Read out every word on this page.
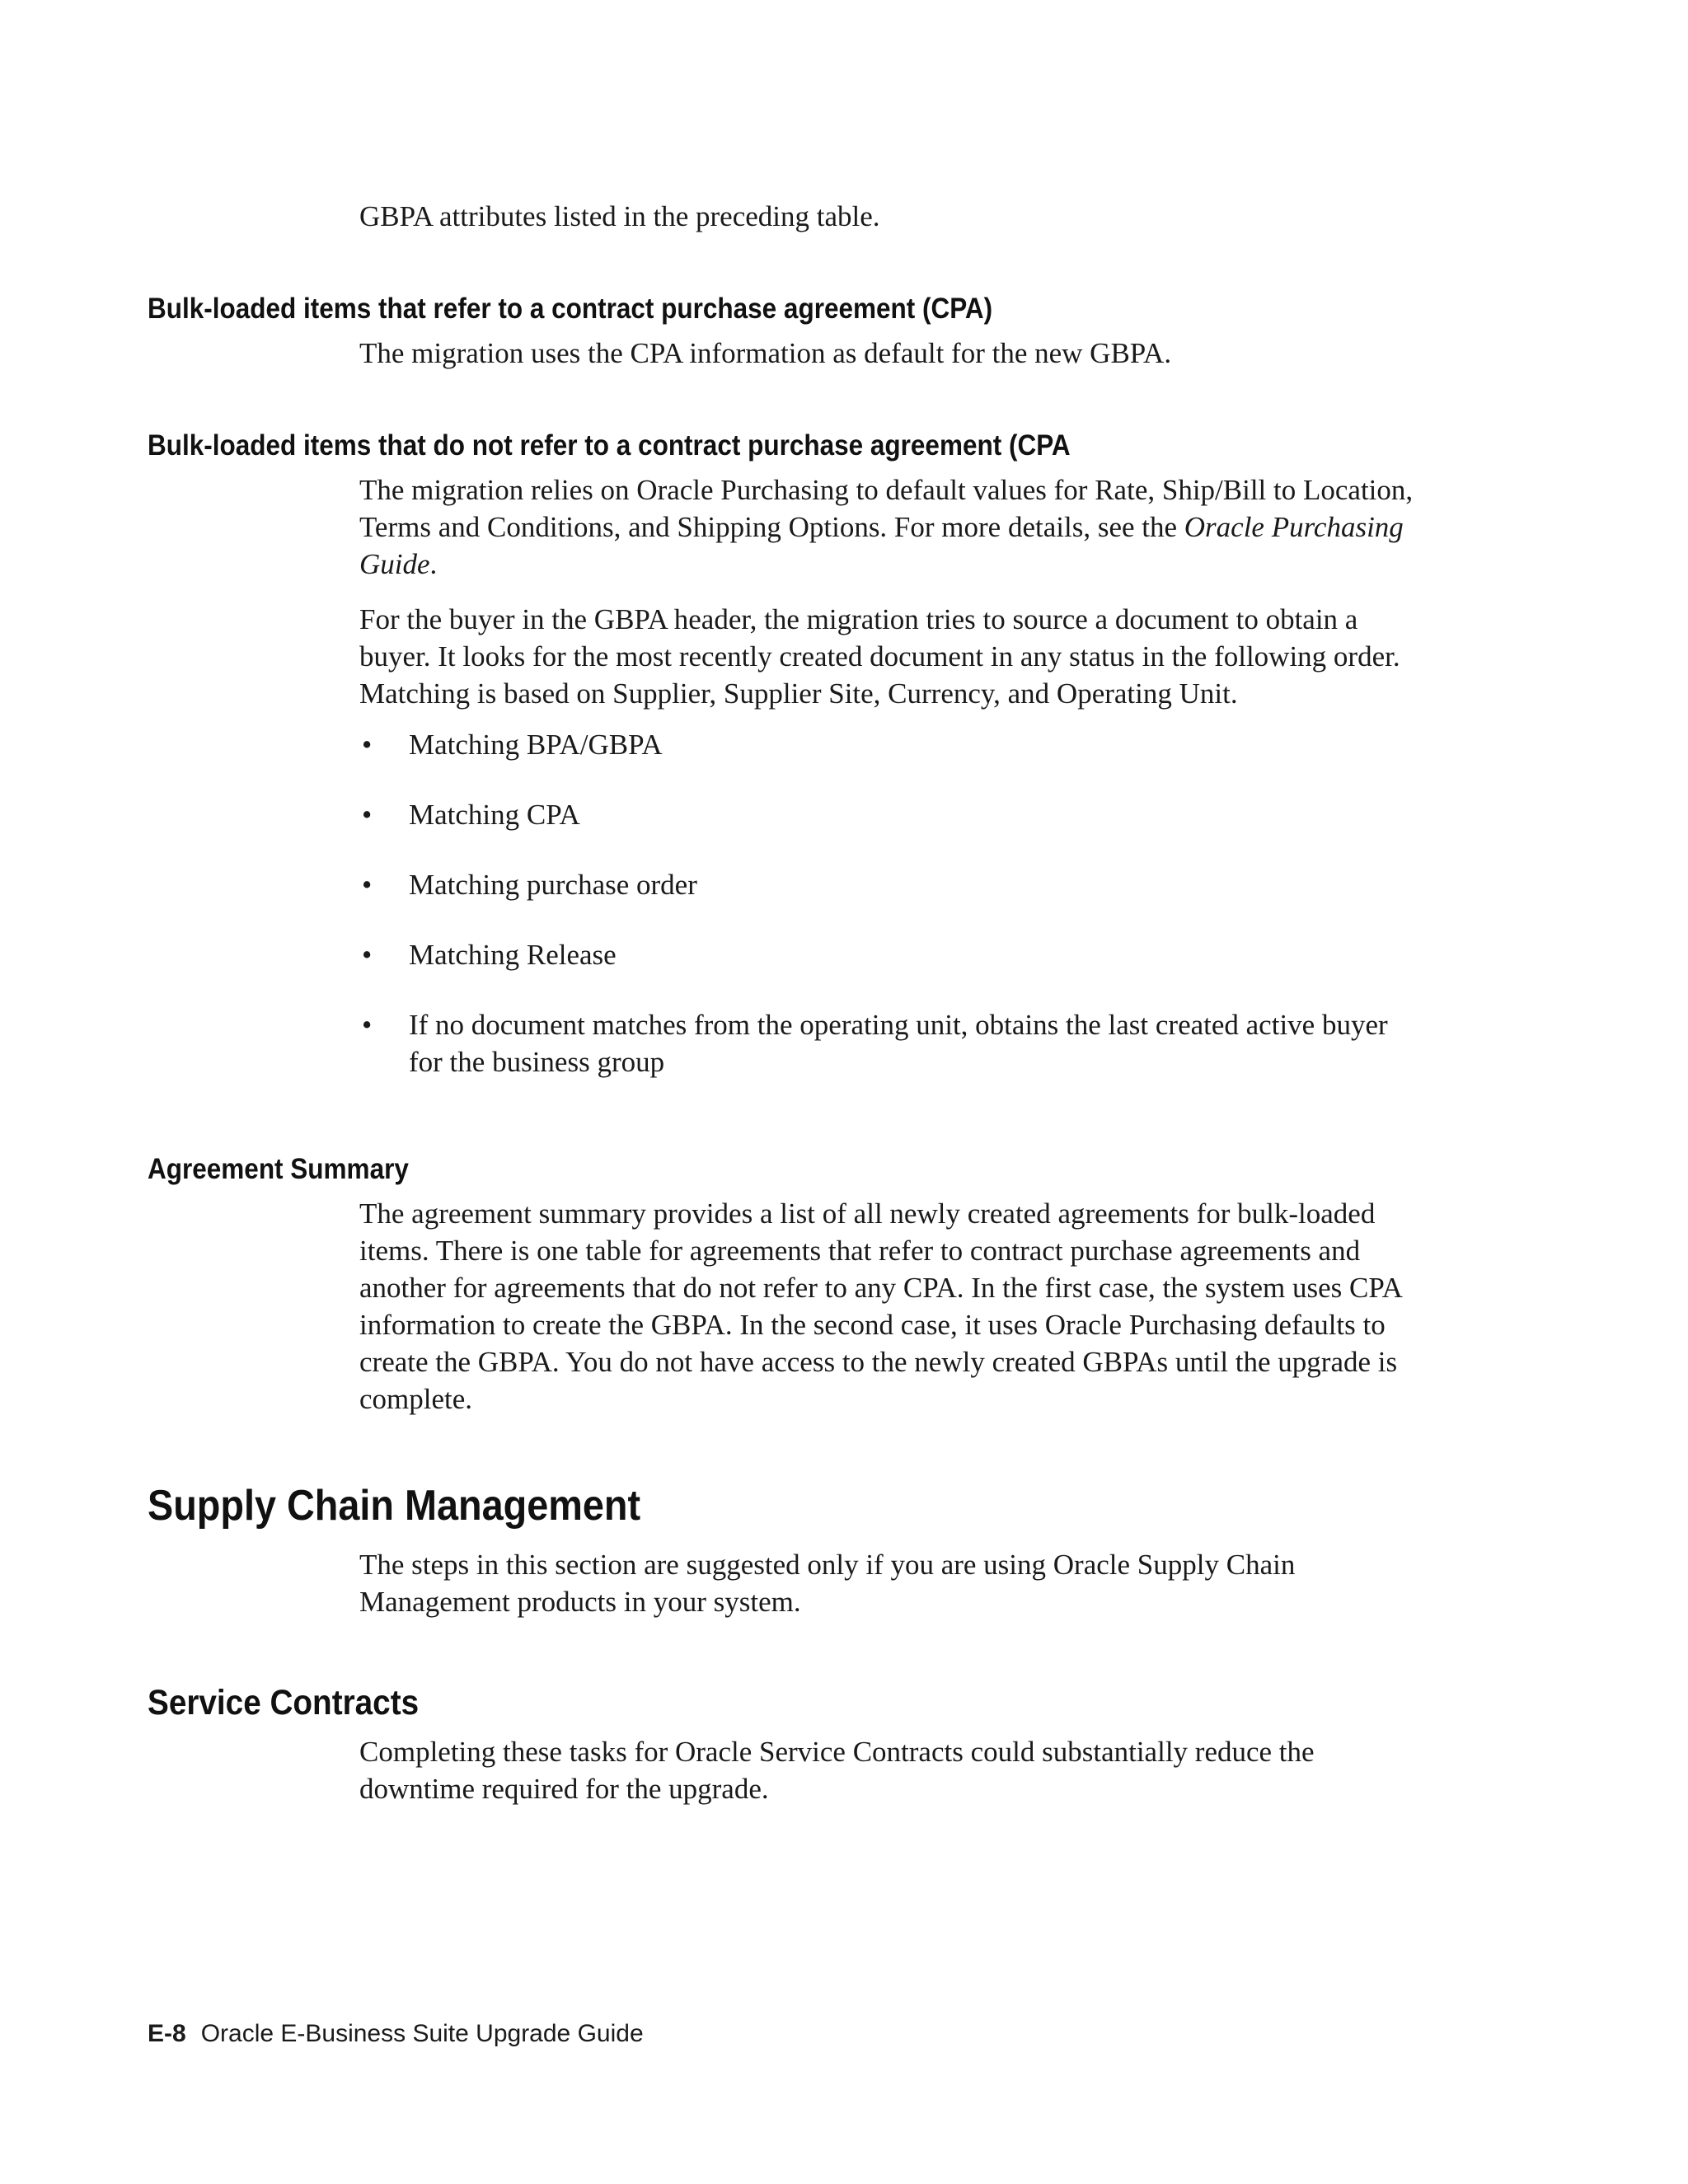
GBPA attributes listed in the preceding table.

Bulk-loaded items that refer to a contract purchase agreement (CPA)

The migration uses the CPA information as default for the new GBPA.

Bulk-loaded items that do not refer to a contract purchase agreement (CPA

The migration relies on Oracle Purchasing to default values for Rate, Ship/Bill to Location, Terms and Conditions, and Shipping Options. For more details, see the Oracle Purchasing Guide.

For the buyer in the GBPA header, the migration tries to source a document to obtain a buyer. It looks for the most recently created document in any status in the following order. Matching is based on Supplier, Supplier Site, Currency, and Operating Unit.

• Matching BPA/GBPA
• Matching CPA
• Matching purchase order
• Matching Release
• If no document matches from the operating unit, obtains the last created active buyer for the business group
Agreement Summary

The agreement summary provides a list of all newly created agreements for bulk-loaded items. There is one table for agreements that refer to contract purchase agreements and another for agreements that do not refer to any CPA. In the first case, the system uses CPA information to create the GBPA. In the second case, it uses Oracle Purchasing defaults to create the GBPA. You do not have access to the newly created GBPAs until the upgrade is complete.

Supply Chain Management

The steps in this section are suggested only if you are using Oracle Supply Chain Management products in your system.

Service Contracts

Completing these tasks for Oracle Service Contracts could substantially reduce the downtime required for the upgrade.

E-8 Oracle E-Business Suite Upgrade Guide
